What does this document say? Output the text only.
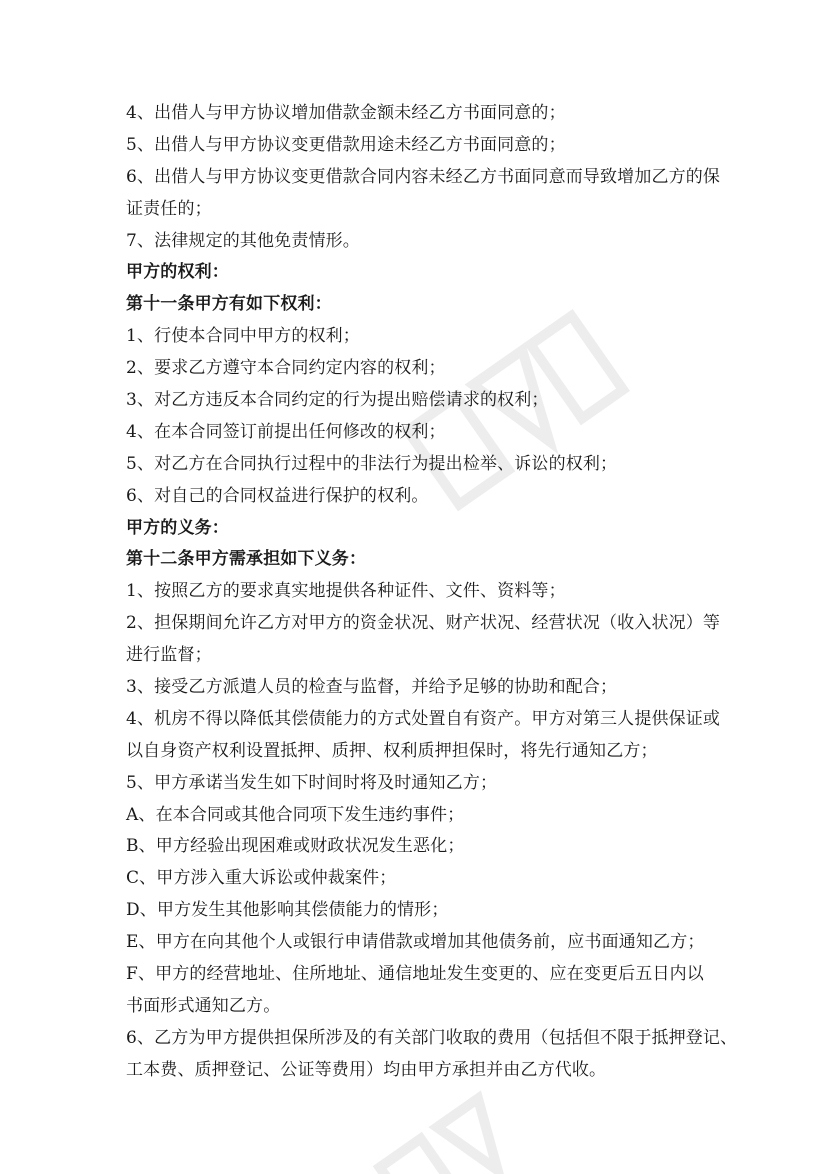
4、出借人与甲方协议增加借款金额未经乙方书面同意的；
5、出借人与甲方协议变更借款用途未经乙方书面同意的；
6、出借人与甲方协议变更借款合同内容未经乙方书面同意而导致增加乙方的保
证责任的；
7、法律规定的其他免责情形。
甲方的权利：
第十一条甲方有如下权利：
1、行使本合同中甲方的权利；
2、要求乙方遵守本合同约定内容的权利；
3、对乙方违反本合同约定的行为提出赔偿请求的权利；
4、在本合同签订前提出任何修改的权利；
5、对乙方在合同执行过程中的非法行为提出检举、诉讼的权利；
6、对自己的合同权益进行保护的权利。
甲方的义务：
第十二条甲方需承担如下义务：
1、按照乙方的要求真实地提供各种证件、文件、资料等；
2、担保期间允许乙方对甲方的资金状况、财产状况、经营状况（收入状况）等
进行监督；
3、接受乙方派遣人员的检查与监督，并给予足够的协助和配合；
4、机房不得以降低其偿债能力的方式处置自有资产。甲方对第三人提供保证或
以自身资产权利设置抵押、质押、权利质押担保时，将先行通知乙方；
5、甲方承诺当发生如下时间时将及时通知乙方；
A、在本合同或其他合同项下发生违约事件；
B、甲方经验出现困难或财政状况发生恶化；
C、甲方涉入重大诉讼或仲裁案件；
D、甲方发生其他影响其偿债能力的情形；
E、甲方在向其他个人或银行申请借款或增加其他债务前，应书面通知乙方；
F、甲方的经营地址、住所地址、通信地址发生变更的、应在变更后五日内以
书面形式通知乙方。
6、乙方为甲方提供担保所涉及的有关部门收取的费用（包括但不限于抵押登记、
工本费、质押登记、公证等费用）均由甲方承担并由乙方代收。
